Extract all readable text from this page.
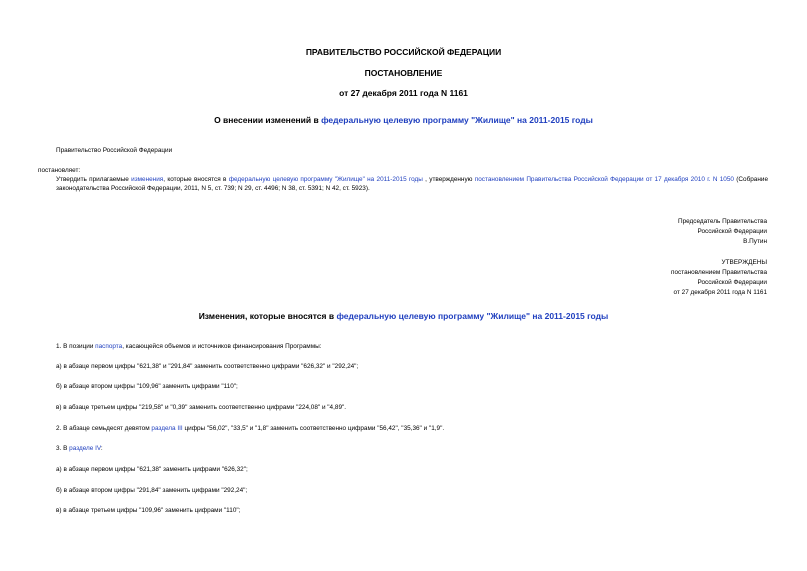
ПРАВИТЕЛЬСТВО РОССИЙСКОЙ ФЕДЕРАЦИИ
ПОСТАНОВЛЕНИЕ
от 27 декабря 2011 года N 1161
О внесении изменений в федеральную целевую программу "Жилище" на 2011-2015 годы
Правительство Российской Федерации
постановляет:
Утвердить прилагаемые изменения, которые вносятся в федеральную целевую программу "Жилище" на 2011-2015 годы , утвержденную постановлением Правительства Российской Федерации от 17 декабря 2010 г. N 1050 (Собрание законодательства Российской Федерации, 2011, N 5, ст. 739; N 29, ст. 4496; N 38, ст. 5391; N 42, ст. 5923).
Председатель Правительства
Российской Федерации
В.Путин
УТВЕРЖДЕНЫ
постановлением Правительства
Российской Федерации
от 27 декабря 2011 года N 1161
Изменения, которые вносятся в федеральную целевую программу "Жилище" на 2011-2015 годы
1. В позиции паспорта, касающейся объемов и источников финансирования Программы:
а) в абзаце первом цифры "621,38" и "291,84" заменить соответственно цифрами "626,32" и "292,24";
б) в абзаце втором цифры "109,96" заменить цифрами "110";
в) в абзаце третьем цифры "219,58" и "0,39" заменить соответственно цифрами "224,08" и "4,89".
2. В абзаце семьдесят девятом раздела III цифры "56,02", "33,5" и "1,8" заменить соответственно цифрами "56,42", "35,36" и "1,9".
3. В разделе IV:
а) в абзаце первом цифры "621,38" заменить цифрами "626,32";
б) в абзаце втором цифры "291,84" заменить цифрами "292,24";
в) в абзаце третьем цифры "109,96" заменить цифрами "110";
